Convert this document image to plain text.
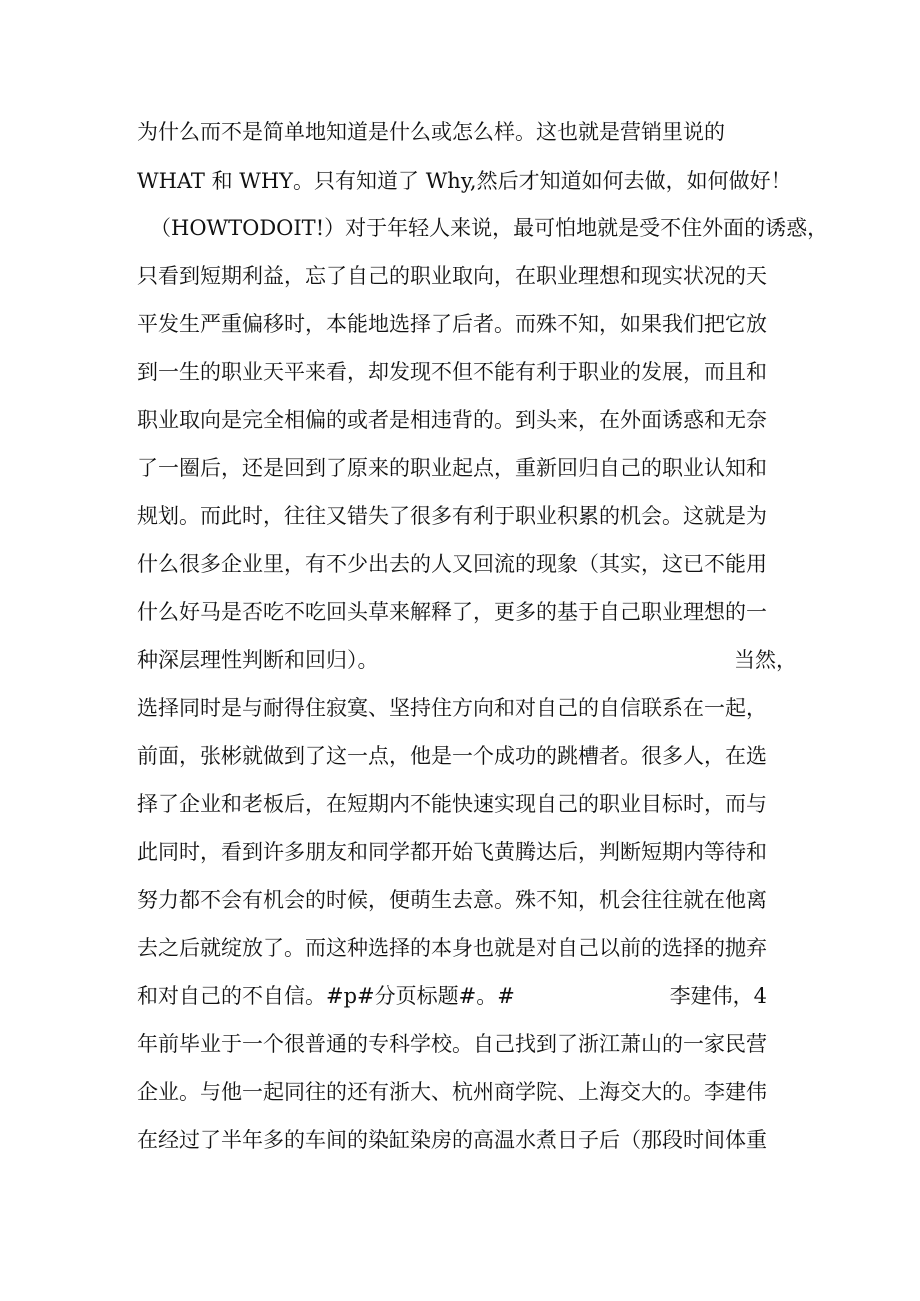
为什么而不是简单地知道是什么或怎么样。这也就是营销里说的

WHAT 和 WHY。只有知道了 Why,然后才知道如何去做，如何做好！

（HOWTODOIT!）对于年轻人来说，最可怕地就是受不住外面的诱惑，

只看到短期利益，忘了自己的职业取向，在职业理想和现实状况的天

平发生严重偏移时，本能地选择了后者。而殊不知，如果我们把它放

到一生的职业天平来看，却发现不但不能有利于职业的发展，而且和

职业取向是完全相偏的或者是相违背的。到头来，在外面诱惑和无奈

了一圈后，还是回到了原来的职业起点，重新回归自己的职业认知和

规划。而此时，往往又错失了很多有利于职业积累的机会。这就是为

什么很多企业里，有不少出去的人又回流的现象（其实，这已不能用

什么好马是否吃不吃回头草来解释了，更多的基于自己职业理想的一

种深层理性判断和回归）。	当然，

选择同时是与耐得住寂寞、坚持住方向和对自己的自信联系在一起，

前面，张彬就做到了这一点，他是一个成功的跳槽者。很多人，在选

择了企业和老板后，在短期内不能快速实现自己的职业目标时，而与

此同时，看到许多朋友和同学都开始飞黄腾达后，判断短期内等待和

努力都不会有机会的时候，便萌生去意。殊不知，机会往往就在他离

去之后就绽放了。而这种选择的本身也就是对自己以前的选择的抛弃

和对自己的不自信。#p#分页标题#。#	李建伟，4

年前毕业于一个很普通的专科学校。自己找到了浙江萧山的一家民营

企业。与他一起同往的还有浙大、杭州商学院、上海交大的。李建伟

在经过了半年多的车间的染缸染房的高温水煮日子后（那段时间体重
